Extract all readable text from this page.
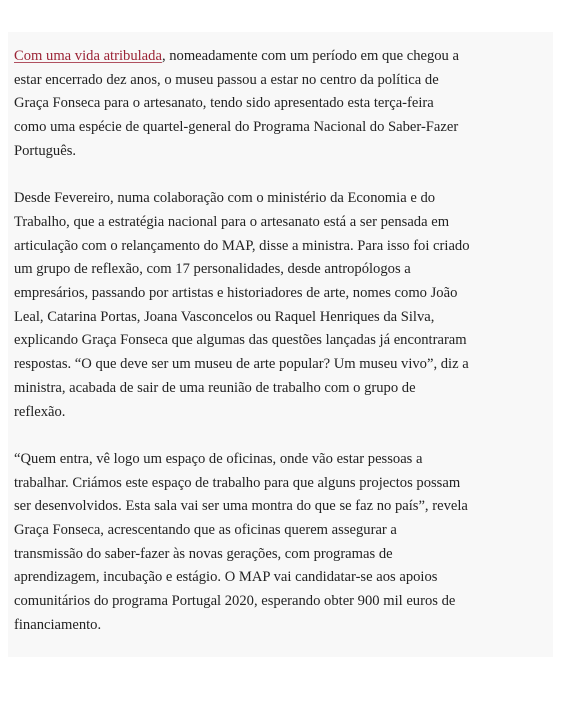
Com uma vida atribulada, nomeadamente com um período em que chegou a
estar encerrado dez anos, o museu passou a estar no centro da política de
Graça Fonseca para o artesanato, tendo sido apresentado esta terça-feira
como uma espécie de quartel-general do Programa Nacional do Saber-Fazer
Português.

Desde Fevereiro, numa colaboração com o ministério da Economia e do
Trabalho, que a estratégia nacional para o artesanato está a ser pensada em
articulação com o relançamento do MAP, disse a ministra. Para isso foi criado
um grupo de reflexão, com 17 personalidades, desde antropólogos a
empresários, passando por artistas e historiadores de arte, nomes como João
Leal, Catarina Portas, Joana Vasconcelos ou Raquel Henriques da Silva,
explicando Graça Fonseca que algumas das questões lançadas já encontraram
respostas. “O que deve ser um museu de arte popular? Um museu vivo”, diz a
ministra, acabada de sair de uma reunião de trabalho com o grupo de
reflexão.

“Quem entra, vê logo um espaço de oficinas, onde vão estar pessoas a
trabalhar. Criámos este espaço de trabalho para que alguns projectos possam
ser desenvolvidos. Esta sala vai ser uma montra do que se faz no país”, revela
Graça Fonseca, acrescentando que as oficinas querem assegurar a
transmissão do saber-fazer às novas gerações, com programas de
aprendizagem, incubação e estágio. O MAP vai candidatar-se aos apoios
comunitários do programa Portugal 2020, esperando obter 900 mil euros de
financiamento.
